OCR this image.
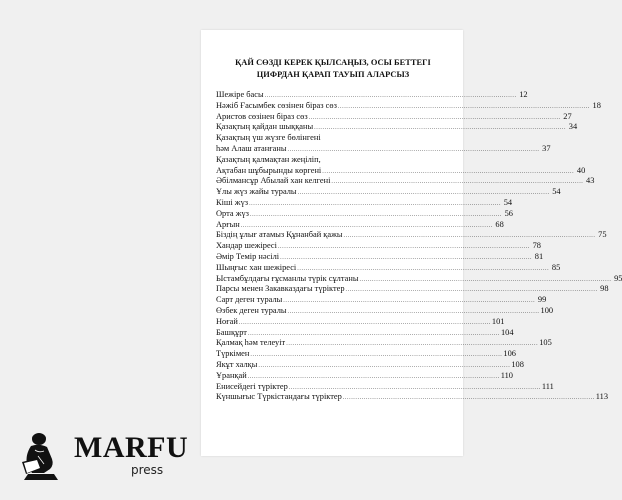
ҚАЙ СӨЗДІ КЕРЕК ҚЫЛСАҢЫЗ, ОСЫ БЕТТЕГІ
ЦИФРДАН ҚАРАП ТАУЫП АЛАРСЫЗ
Шежіре басы ........................................................................................................................ 12
Нәжіб Ғасымбек сөзінен біраз сөз ........................................................................................................................ 18
Аристов сөзінен біраз сөз ........................................................................................................................ 27
Қазақтың қайдан шыққаны ........................................................................................................................ 34
Қазақтың үш жүзге бөлінгені
һәм Алаш атанғаны ........................................................................................................................ 37
Қазақтың қалмақтан жеңіліп,
Ақтабан шұбырынды көргені ........................................................................................................................ 40
Әбілмансұр Абылай хан келгені ........................................................................................................................ 43
Ұлы жүз жайы туралы ........................................................................................................................ 54
Кіші жүз ........................................................................................................................ 54
Орта жүз ........................................................................................................................ 56
Арғын ........................................................................................................................ 68
Біздің ұлығ атамыз Құнанбай қажы ........................................................................................................................ 75
Хандар шежіресі ........................................................................................................................ 78
Әмір Темір нәсілі ........................................................................................................................ 81
Шыңғыс хан шежіресі ........................................................................................................................ 85
Ыстамбұлдағы ғұсманлы түрік сұлтаны ........................................................................................................................ 95
Парсы менен Закавказдағы түріктер ........................................................................................................................ 98
Сарт деген туралы ........................................................................................................................ 99
Өзбек деген туралы ........................................................................................................................ 100
Ноғай ........................................................................................................................ 101
Башқұрт ........................................................................................................................ 104
Қалмақ һәм телеуіт ........................................................................................................................ 105
Түркімен ........................................................................................................................ 106
Якұт халқы ........................................................................................................................ 108
Ұранқай ........................................................................................................................ 110
Енисейдегі түріктер ........................................................................................................................ 111
Күншығыс Түркістандағы түріктер ........................................................................................................................ 113
MARFU
press
